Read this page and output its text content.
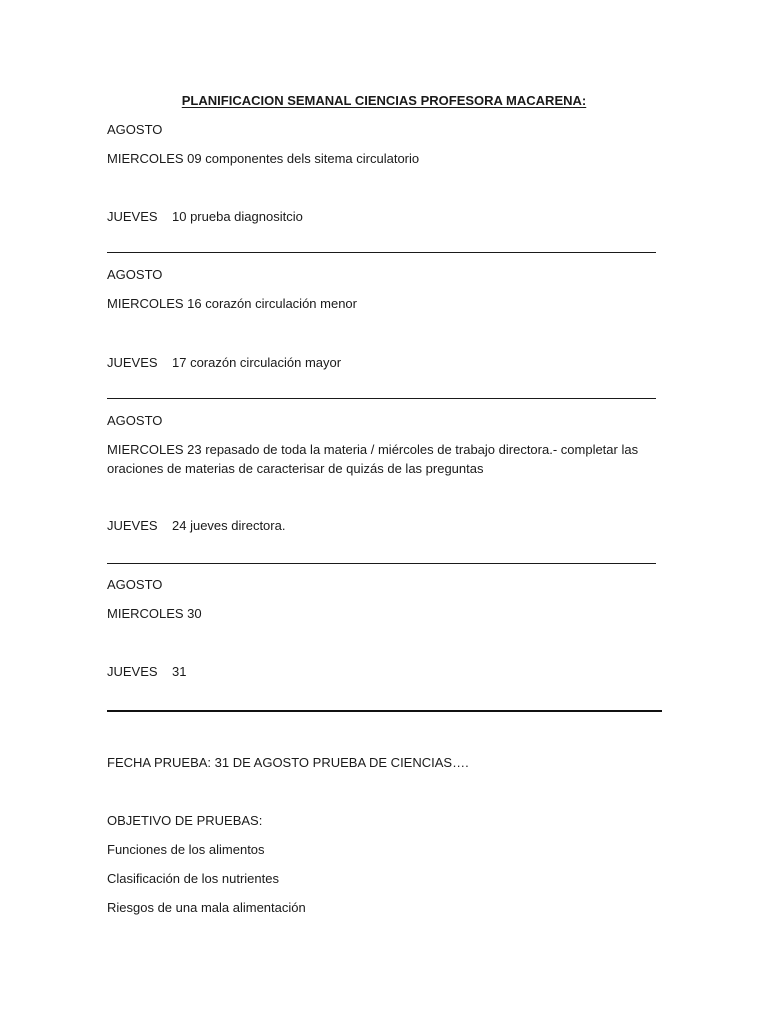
PLANIFICACION SEMANAL CIENCIAS PROFESORA MACARENA:
AGOSTO
MIERCOLES 09 componentes dels sitema circulatorio
JUEVES 10 prueba diagnositcio
AGOSTO
MIERCOLES 16 corazón circulación menor
JUEVES 17 corazón circulación mayor
AGOSTO
MIERCOLES 23 repasado de toda la materia / miércoles de trabajo directora.- completar las
oraciones de materias de caracterisar de quizás de las preguntas
JUEVES 24 jueves directora.
AGOSTO
MIERCOLES 30
JUEVES 31
FECHA PRUEBA: 31 DE AGOSTO PRUEBA DE CIENCIAS….
OBJETIVO DE PRUEBAS:
Funciones de los alimentos
Clasificación de los nutrientes
Riesgos de una mala alimentación
